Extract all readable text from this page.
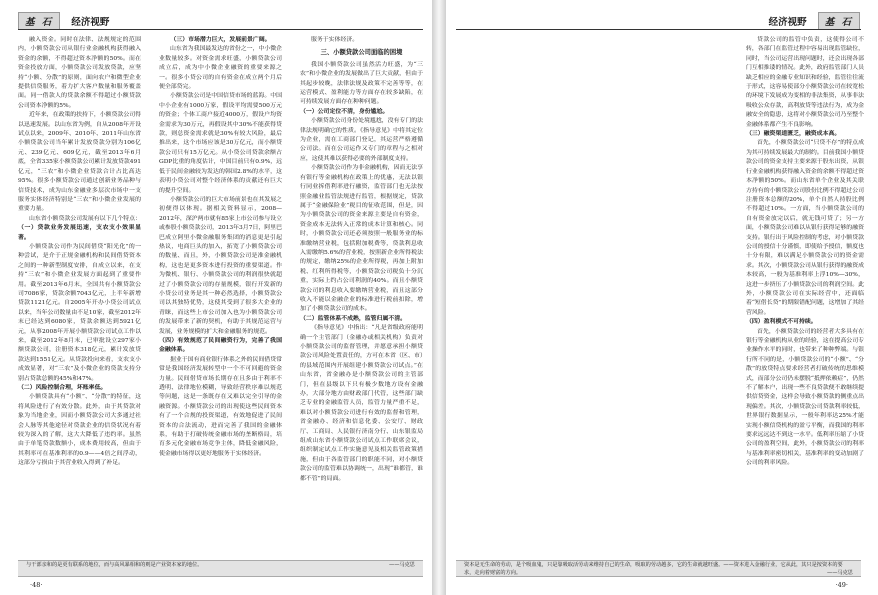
基 石 经济视野

融入资金。同时在法律、法规规定的范围内，小额贷款公司从银行业金融机构获得融入资金的余额，不得超过资本净额的50%。而在资金投放方面，小额贷款公司发放贷款，应坚持“小额、分散”的原则，面向农户和微型企业提供信贷服务，着力扩大客户数量和服务覆盖面。同一借款人的贷款余额不得超过小额贷款公司资本净额的5%。

近年来，在政策的扶持下，小额贷款公司得以迅速发展。以山东省为例，自从2008年开设试点以来，2009年、2010年、2011年山东省小额贷款公司当年累计发放贷款分别为106亿元、239亿元、609亿元，截至2013年6月底，全省335家小额贷款公司累计发放贷款491亿元，“三农”和小微企业贷款合计占比高达95%。很多小额贷款公司通过创新业务品种与信贷技术，成为山东金融业多层次市场中一支服务实体经济特别是“三农”和小微企业发展的重要力量。

山东省小额贷款公司发展有以下几个特点：

（一）贷款业务发展迅速，支农支小效果显著。

小额贷款公司作为民间借贷“阳光化”的一种尝试，是介于正规金融机构和民间借贷资本之间的一种新型制度安排，自成立以来，在支持“三农”和小微企业发展方面起到了重要作用。截至2013年6月末，全国共有小额贷款公司7086家，贷款余额7043亿元，上半年新增贷款1121亿元。自2005年开办小贷公司试点以来，当年公司数量由不足10家，截至2012年末已经达到6080家，贷款余额达到5921亿元，从事2008年开展小额贷款公司试点工作以来，截至2012年8月末，已审批设立297家小额贷款公司，注册资本318亿元，累计发放贷款达到1551亿元。从贷款投向来看，支农支小成效显著，对“三农”及小微企业的贷款支持分别占贷款总额的45%和47%。

（二）风险控制合理，坏账率低。

小额贷款具有“小额”、“分散”的特征，这将风险进行了有效分散。此外，由于其贷款对象为当地企业，因而小额贷款公司大多通过社会人脉等其他途径对贷款企业的信贷状况有着较为深入的了解，这大大降低了违约率。虽然由于单笔贷款数额小，成本费用较高，但由于其利率可在基准利率的0.9——4倍之间浮动，这部分亏损由于其营业收入得到了补足。

（三）市场潜力巨大，发展前景广阔。

山东省为我国最发达的省份之一，中小微企业数量较多。对资金需求旺盛，小额贷款公司成立后，成为中小微企业融资的重要来源之一。很多小贷公司的自有资金在成立两个月后便全部贷完。

小额贷款公司是中国信贷市场的蓝海。中国中小企业有1000万家，假设平均需要500万元的资金；个体工商户接近4000万，假设户均资金需求为30万元，再假设其中30%不能获得贷款，则总资金需求就是30%有较大风险，最后推出来，这个市场应该是30万亿元，而小额贷款公司只有15万亿元。从小贷公司贷款余额占GDP比重的角度估计，中国目前只有0.9%，远低于民间金融较为发达的韩国2.8%的水平，这表明小贷公司对整个经济体系的贡献还有巨大的提升空间。

小额贷款公司的巨大市场前景也在其发展之初便得以体现。据相关资料显示，2008—2012年，深沪两市就有85家上市公司参与设立或参股小额贷款公司，2013年3月7日，阿里巴巴成立阿里小微金融服务集团的消息更是引起热议，电商巨头的加入，拓宽了小额贷款公司的数量、而且，外，小额贷款公司是准金融机构，这也是更多资本进行投资的重要渠道。作为微机、银行、小额贷款公司的利润很快就超过了小额贷款公司的存量规模，银行开发新的小贷公司业务是其一种必然选择，小额贷款公司以其独特优势，这使其受到了很多大企业的青睐，而这些上市公司加入也为小额贷款公司的发展带来了新的契机，有助于其规范运营与发展，业务规模的扩大和金融服务的规范。

（四）有效规范了民间融资行为，完善了我国金融体系。

据业于国有商业银行体系之外的民间借贷常常是我国经济发展转型中一个不可回避的资金力量。民间借贷市场长期存在且多由于利率不透明、法律地位模糊，导致经营秩序难以规范等问题，这是一条既存在又难以完全引导的金融资源。小额贷款公司的出现使这些民间资本有了一个合规的投资渠道，有效地促进了民间资本的合法流动，进而完善了我国的金融体系，有助于打破传统金融市场的垄断格局，培育多元化金融市场竞争主体，降低金融风险，使金融市场得以更好地服务于实体经济。

服务于实体经济。

三、小额贷款公司面临的困境

我国小额贷款公司虽然活力旺盛，为“三农”和小微企业的发展做出了巨大贡献，但由于其起步较晚，法律法规及政策不完善等等，在运营模式、盈利能力等方面存在较多缺陷，在可持续发展方面存在种种问题。

（一）公司定位不清，身份尴尬。

小额贷款公司身份处境尴尬，没有专门的法律法规明确它的性质。《指导意见》中将其定位为企业，需在工商部门登记，其运营严格遵循公司法。而在公司运作又专门的章程与之相对应，这使其难以获得必要的外部制度支持。

小额贷款公司作为非金融机构，因而无法享有银行等金融机构在政策上的优惠，无法以银行同业拆借利率进行融资，监管部门也无法按照金融业监管法规进行监管，根据规定，贷款属于“金融保险业”税目的征收范围，但是，因为小额贷款公司的资金来源主要是自有资金，资金成本无法转入正常的成本计算和核心。同时，小额贷款公司还必须按照一般服务业的标准缴纳营业税，包括附加税费等，贷款利息收入需缴纳5.6%的营业税，按照新企业所得税法的规定，缴纳25%的企业所得税，再加上附加税、红利所得税等，小额贷款公司税负十分沉重，实际上约占公司利润的40%。而且小额贷款公司的利息收入要缴纳营业税，而且这部分收入不能以金融企业的标准进行税前扣除，增加了小额贷款公司的成本。

（二）监管体系不成熟，监管归属不清。

《指导意见》中指出：“凡是省级政府能明确一个主管部门（金融办或相关机构）负责对小额贷款公司的监督管理，并愿意承担小额贷款公司风险处置责任的，方可在本省（区、市）的县域范围内开展组建小额贷款公司试点。”在山东省，省金融办是小额贷款公司的主管部门，但在县级以下只有极少数地方设有金融办，大部分地方由财政部门代管，这些部门缺乏专业的金融监管人员，监管力量严重不足，难以对小额贷款公司进行有效的监督和管理，省金融办、经济和信息化委、公安厅、财政厅、工商局、人民银行济南分行、山东银监局组成山东省小额贷款公司试点工作联席会议，组织制定试点工作实施意见及相关监管政策措施，但由于各监管部门的职能不同，对小额贷款公司的监管难以协调统一，出现“谁都管，谁都不管”的局面。

与干部亲和的是更有联系的地位，而与高风暴相和的则是产业资本家的地位。	——马克思
·48·
经济视野 基 石

贷款公司的监管中负责，这使得公司不转，各部门在监管过程中容易出现监管缺位，同时，当公司运营出现问题时，还会出现各部门互相推诿的情况。此外，政府监管部门人员缺乏相应的金融专业知识和经验，监管往往流于形式，这容易使部分小额贷款公司在较宽松的环境下发展成为变相的非法集资，从事非法吸收公众存款，高利放贷等违法行为，成为金融安全的隐患，这将对小额贷款公司乃至整个金融体系都产生不良影响。

（三）融资渠道匮乏，融资成本高。

首先，小额贷款公司“只贷不存”的特点成为其可持续发展最大的制约。目前我国小额贷款公司的资金支持主要来源于股东出资，从银行业金融机构获得融入资金的余额不得超过资本净额的50%。而山东省单个企业及其关联方持有的小额贷款公司股份比例不得超过公司注册资本总额的20%，单个自然人持股比例不得超过10%。一方面，当小额贷款公司的自有资金放完以后，就无钱可贷了；另一方面，小额贷款公司难以从银行获得足够的融资支持。银行出于风险控制的考虑，对小额贷款公司的授信十分谨慎，即使给予授信，额度也十分有限，难以满足小额贷款公司的资金需求。其次，小额贷款公司从银行获得的融资成本较高，一般为基准利率上浮10%—30%，这进一步挤压了小额贷款公司的利润空间。此外，小额贷款公司在实际经营中，还面临着“短借长贷”的期限错配问题，这增加了其经营风险。

（四）盈利模式不可持续。

首先，小额贷款公司的经营者大多具有在银行等金融机构从业的经验，这在提高公司专业操作水平的同时，也带来了种种弊端。与银行所不同的是，小额贷款公司的“小额”、“分散”的放贷特点要求经营者打破传统的思维模式，而部分公司仍未摆脱“抵押依赖症”，仍然不了解本户，出现一些不良贷款便不敢继续提供信贷资金，这样会导致小额贷款的侧重点出现偏差。其次，小额贷款公司贷款利率较低，世界银行数据显示，一般年利率达25%才能实现小额信贷机构的盈亏平衡，而我国的利率要求远远达不到这一水平。低利率压缩了小贷公司的盈利空间，此外，小额贷款公司的利率与基准利率密切相关，基准利率的变动加剧了公司的利率风险。

资本是无生命的劳动，是个吸血鬼，只是靠吸取活劳动来维持自己的生命，吸取的劳动越多，它的生命就越旺盛。——资本进入金融行业，它从此，其只是按资本的要求，走向着财富的方向。	——马克思
·49·
